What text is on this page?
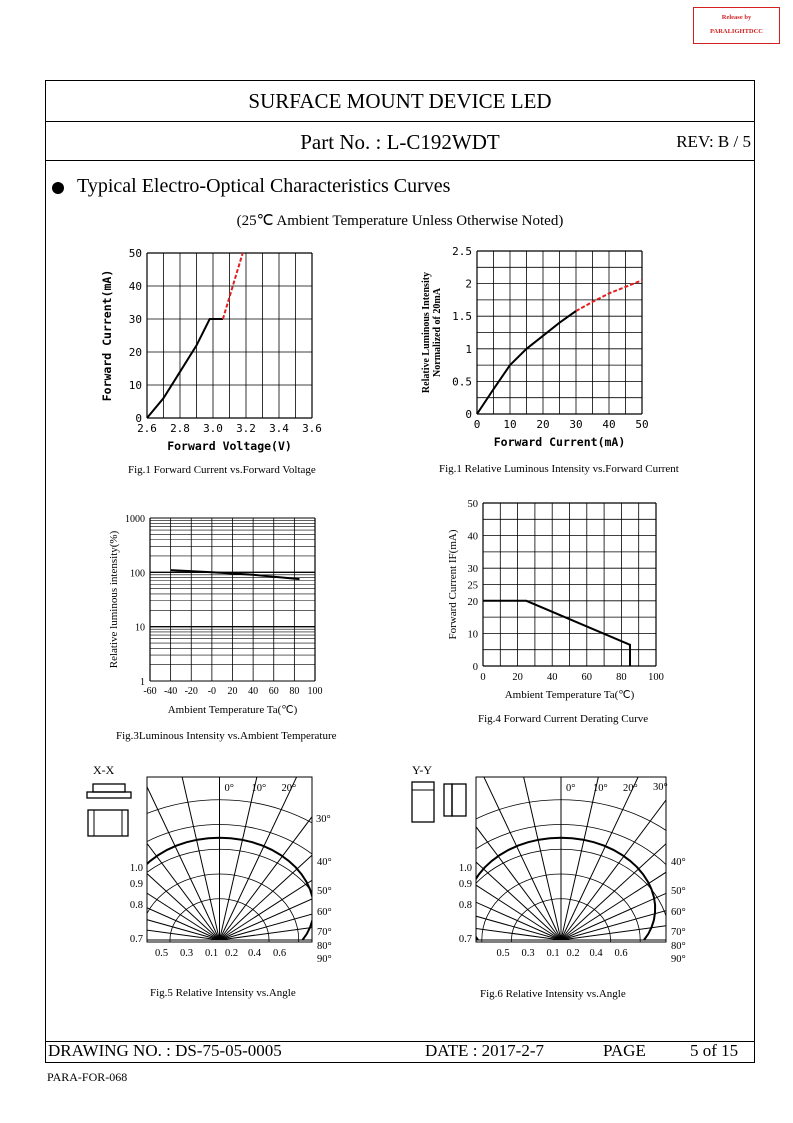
Release by
PARALIGHTDCC
SURFACE MOUNT DEVICE LED
Part No. : L-C192WDT	REV: B / 5
Typical Electro-Optical Characteristics Curves
(25℃ Ambient Temperature Unless Otherwise Noted)
2.6 2.8 3.0 3.2 3.4 3.6
0
10
20
30
40
50
Forward Voltage(V)
Forward Current(mA)
Fig.1 Forward Current vs.Forward Voltage
0 10 20 30 40 50
0
0.5
1
1.5
2
2.5
Forward Current(mA)
Relative Luminous Intensity Normalized of 20mA
Fig.1 Relative Luminous Intensity vs.Forward Current
-60 -40 -20 -0 20 40 60 80 100
1
10
100
1000
Ambient Temperature Ta(℃)
Relative luminous intensity(%)
Fig.3Luminous Intensity vs.Ambient Temperature
0	20 40 60 80 100
0
10
20
25
30
40
50
Ambient Temperature Ta(℃)
Forward Current IF(mA)
Fig.4 Forward Current Derating Curve
0° 10° 20°
30°
40°
50°
60°
70°
80°
90°
1.0
0.9
0.8
0.7
0.5 0.3 0.1 0.2 0.4 0.6
X-X
Fig.5 Relative Intensity vs.Angle
0° 10° 20° 30°
40°
50°
60°
70°
80°
90°
1.0
0.9
0.8
0.7
0.5 0.3 0.1 0.2 0.4 0.6
Y-Y
Fig.6 Relative Intensity vs.Angle
DRAWING NO. : DS-75-05-0005	DATE : 2017-2-7	PAGE	5 of 15
PARA-FOR-068
